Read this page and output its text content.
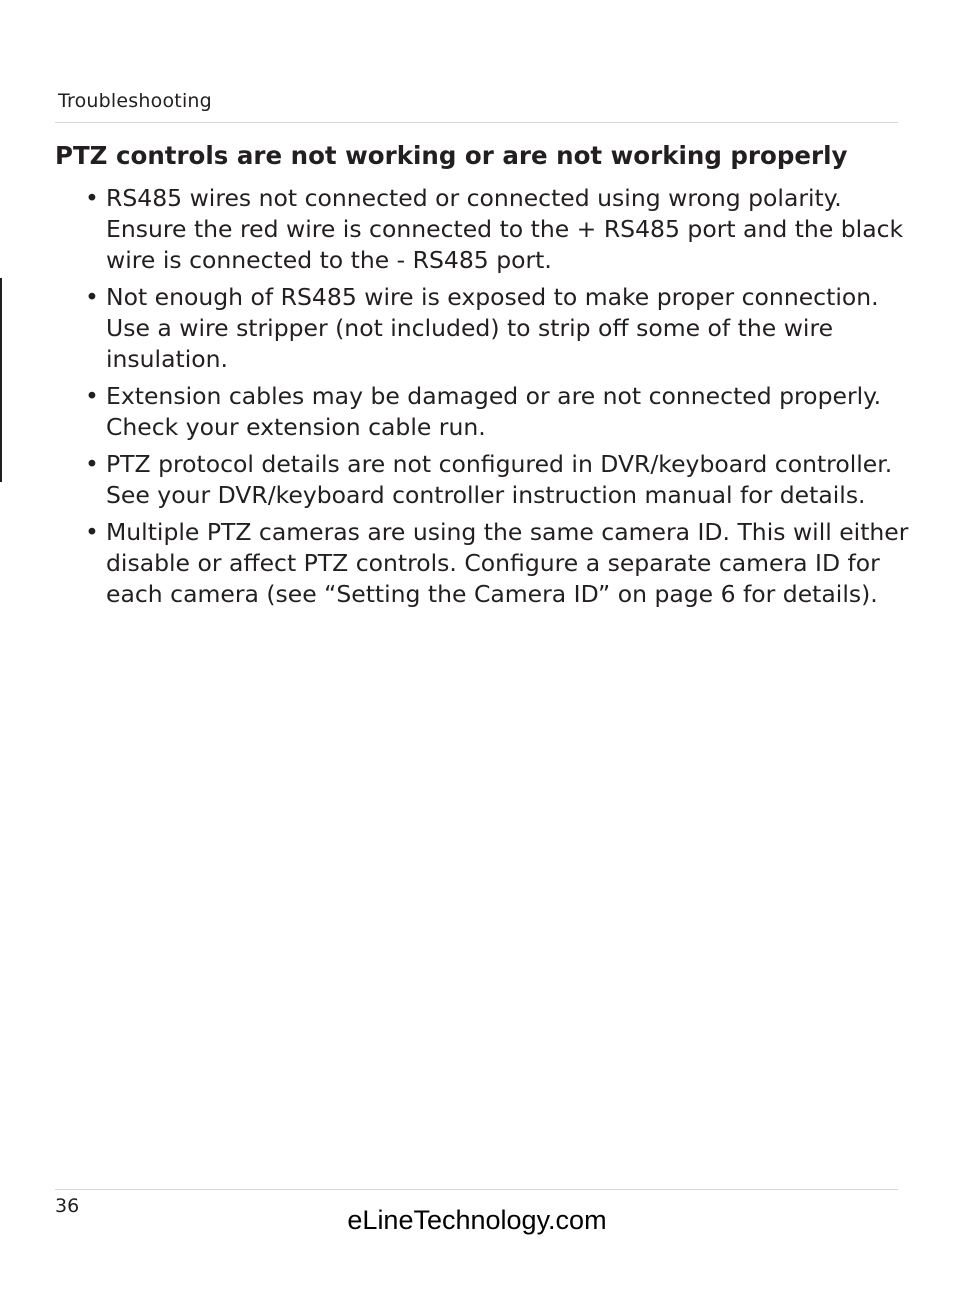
Troubleshooting
PTZ controls are not working or are not working properly
• RS485 wires not connected or connected using wrong polarity. Ensure the red wire is connected to the + RS485 port and the black wire is connected to the - RS485 port.
• Not enough of RS485 wire is exposed to make proper connection. Use a wire stripper (not included) to strip off some of the wire insulation.
• Extension cables may be damaged or are not connected properly. Check your extension cable run.
• PTZ protocol details are not configured in DVR/keyboard controller. See your DVR/keyboard controller instruction manual for details.
• Multiple PTZ cameras are using the same camera ID. This will either disable or affect PTZ controls. Configure a separate camera ID for each camera (see “Setting the Camera ID” on page 6 for details).
36	eLineTechnology.com
